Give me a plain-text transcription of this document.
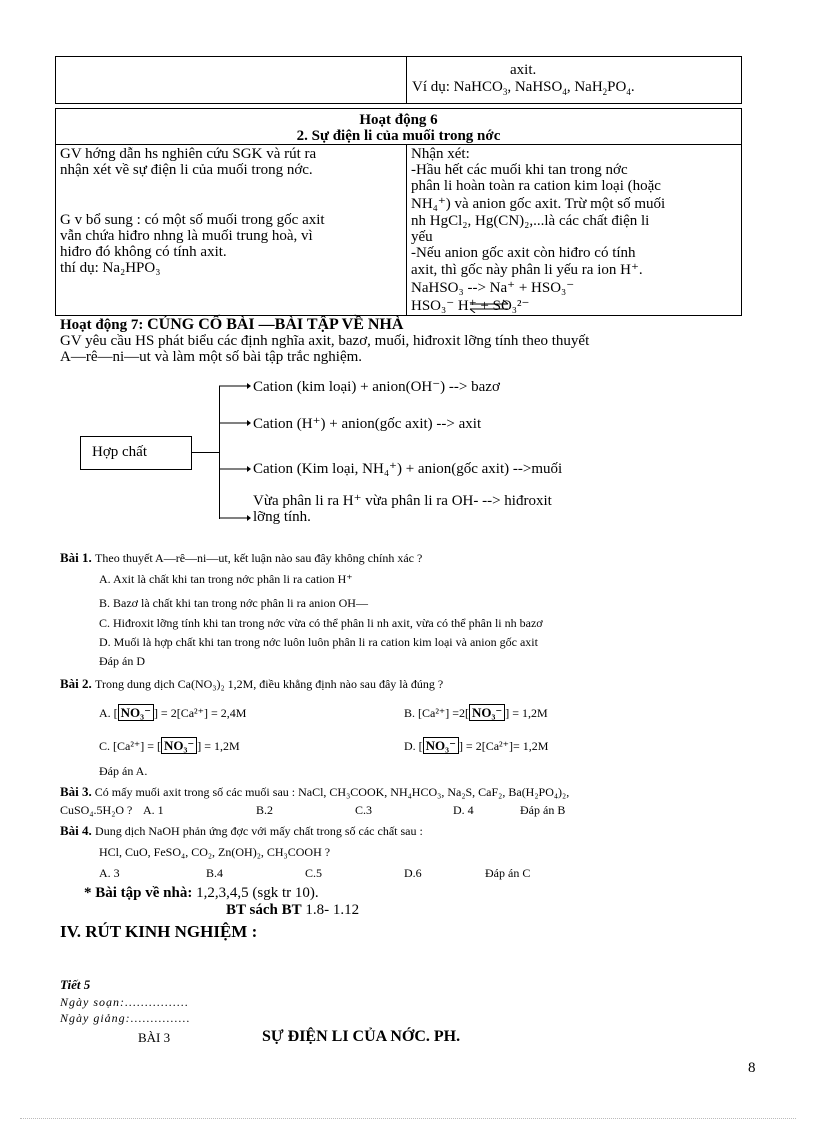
axit.
Ví dụ: NaHCO$_3$, NaHSO$_4$, $NaH_2PO_4$.
Hoạt động 6
2. Sự điện li của muối trong nớc
GV hớng dẫn hs nghiên cứu SGK và rút ra
nhận xét về sự điện li của muối trong nớc.
G v bổ sung : có một số muối trong gốc axit
vẫn chứa hiđro nhng là muối trung hoà, vì
hiđro đó không có tính axit.
thí dụ: Na₂HPO₃
Nhận xét:
-Hầu hết các muối khi tan trong nớc
phân li hoàn toàn ra cation kim loại (hoặc
NH₄⁺) và anion gốc axit. Trừ một số muối
nh HgCl₂, Hg(CN)₂,...là các chất điện li
yếu
-Nếu anion gốc axit còn hiđro có tính
axit, thì gốc này phân li yếu ra ion H⁺.
NaHSO₃ --> Na⁺ + HSO₃⁻
HSO₃⁻ H⁺ + SO₃²⁻
Hoạt động 7: CỦNG CỐ BÀI —BÀI TẬP VỀ NHÀ
GV yêu cầu HS phát biểu các định nghĩa axit, bazơ, muối, hiđroxit lỡng tính theo thuyết
A—rê—ni—ut và làm một số bài tập trắc nghiệm.
Hợp chất
Cation (kim loại) + anion(OH⁻) --> bazơ
Cation (H⁺) + anion(gốc axit) --> axit
Cation (Kim loại, NH₄⁺) + anion(gốc axit) -->muối
Vừa phân li ra H⁺ vừa phân li ra OH- --> hiđroxit
lỡng tính.
Bài 1. Theo thuyết A—rê—ni—ut, kết luận nào sau đây không chính xác ?
A. Axit là chất khi tan trong nớc phân li ra cation H⁺
B. Bazơ là chất khi tan trong nớc phân li ra anion OH—
C. Hiđroxit lỡng tính khi tan trong nớc vừa có thể phân li nh axit, vừa có thể phân li nh bazơ
D. Muối là hợp chất khi tan trong nớc luôn luôn phân li ra cation kim loại và anion gốc axit
Đáp án D
Bài 2. Trong dung dịch Ca(NO₃)₂ 1,2M, điều khẳng định nào sau đây là đúng ?
A. [ NO₃⁻ ] = 2[Ca²⁺] = 2,4M	B. [Ca²⁺] =2[ NO₃⁻ ] = 1,2M
C. [Ca²⁺] = [ NO₃⁻ ] = 1,2M	D. [ NO₃⁻ ] = 2[Ca²⁺]= 1,2M
Đáp án A.
Bài 3. Có mấy muối axit trong số các muối sau : NaCl, CH₃COOK, NH₄HCO₃, Na₂S, CaF₂, Ba(H₂PO₄)₂,
CuSO₄.5H₂O ? A. 1	B.2	C.3	D. 4	Đáp án B
Bài 4. Dung dịch NaOH phản ứng đợc với mấy chất trong số các chất sau :
HCl, CuO, FeSO₄, CO₂, Zn(OH)₂, CH₃COOH ?
A. 3	B.4	C.5	D.6	Đáp án C
* Bài tập về nhà: 1,2,3,4,5 (sgk tr 10).
BT sách BT 1.8- 1.12
IV. RÚT KINH NGHIỆM :
Tiết 5
Ngày soạn:................
Ngày giảng:...............
BÀI 3	SỰ ĐIỆN LI CỦA NỚC. PH.
8
